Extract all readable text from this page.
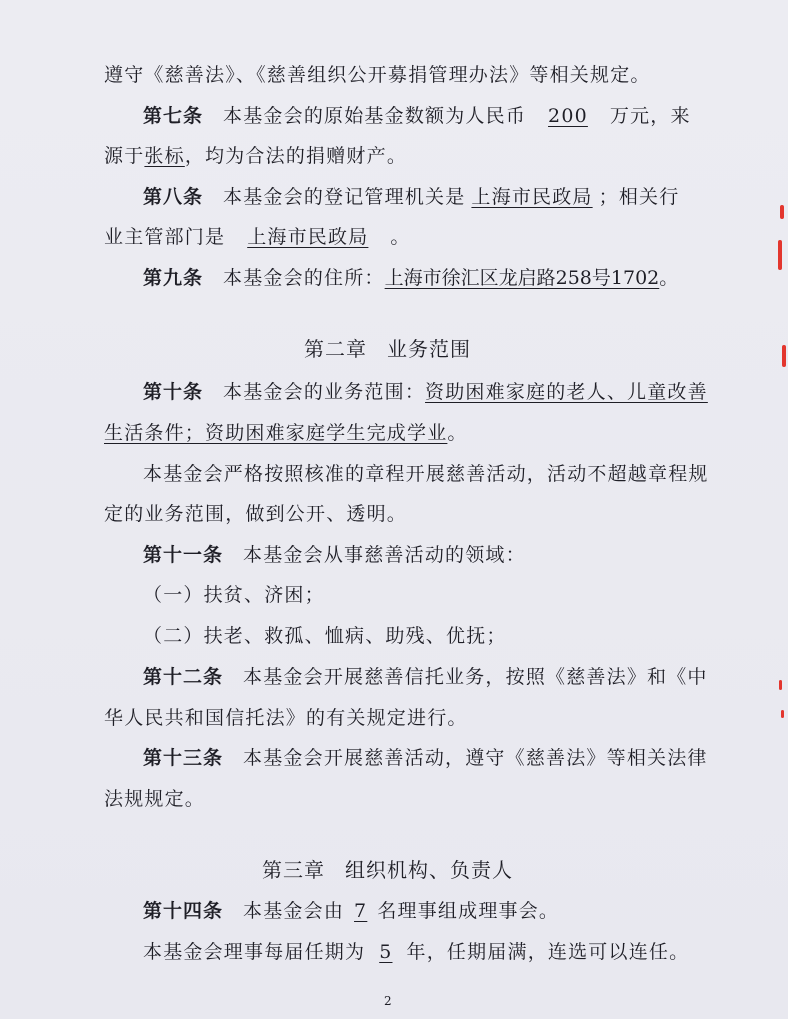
遵守《慈善法》、《慈善组织公开募捐管理办法》等相关规定。
第七条 本基金会的原始基金数额为人民币 200 万元，来
源于张标，均为合法的捐赠财产。
第八条 本基金会的登记管理机关是 上海市民政局 ；相关行
业主管部门是 上海市民政局 。
第九条 本基金会的住所：上海市徐汇区龙启路258号1702。
第二章 业务范围
第十条 本基金会的业务范围：资助困难家庭的老人、儿童改善
生活条件；资助困难家庭学生完成学业。
本基金会严格按照核准的章程开展慈善活动，活动不超越章程规
定的业务范围，做到公开、透明。
第十一条 本基金会从事慈善活动的领域：
（一）扶贫、济困；
（二）扶老、救孤、恤病、助残、优抚；
第十二条 本基金会开展慈善信托业务，按照《慈善法》和《中
华人民共和国信托法》的有关规定进行。
第十三条 本基金会开展慈善活动，遵守《慈善法》等相关法律
法规规定。
第三章 组织机构、负责人
第十四条 本基金会由 7 名理事组成理事会。
本基金会理事每届任期为 5 年，任期届满，连选可以连任。
2
